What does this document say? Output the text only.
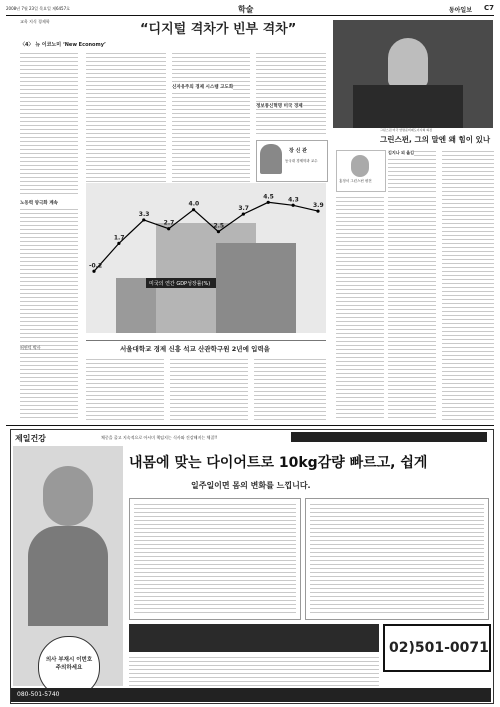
2008년 7월 23일 목요일 제6457호	학술	동아일보 C7
교육 지식 경제학
“디지털 격차가 빈부 격차”
〈4〉 뉴 이코노미 ‘New Economy’
노동력 양극화 계속
신자유주의 경제 시스템 고도화
정보통신혁명 미국 경제
장 신 관
동국대 경제학과 교수
미국의 연간 GDP성장률(%)
-0.2
1.7
3.3
2.7
4.0
2.5
3.7
4.5 4.3
3.9
서울대학교 경제 신흥 석교 산관학구원 2년에 입력을
허연덕 박사
그린스펀 미국 연방준비제도이사회 의장
그린스펀, 그의 말엔 왜 힘이 있나
홍정서 그린스펀 평전
김지나 외 옮김
제일건강	체중을 줄고 지속적으로 아시미 책임지는 식사와 건강해지는 체질!!
의사 부재시 이번호 주의하세요
내몸에 맞는 다이어트로 10kg감량 빠르고, 쉽게
일주일이면 몸의 변화를 느낍니다.
02)501-0071
080-501-5740
